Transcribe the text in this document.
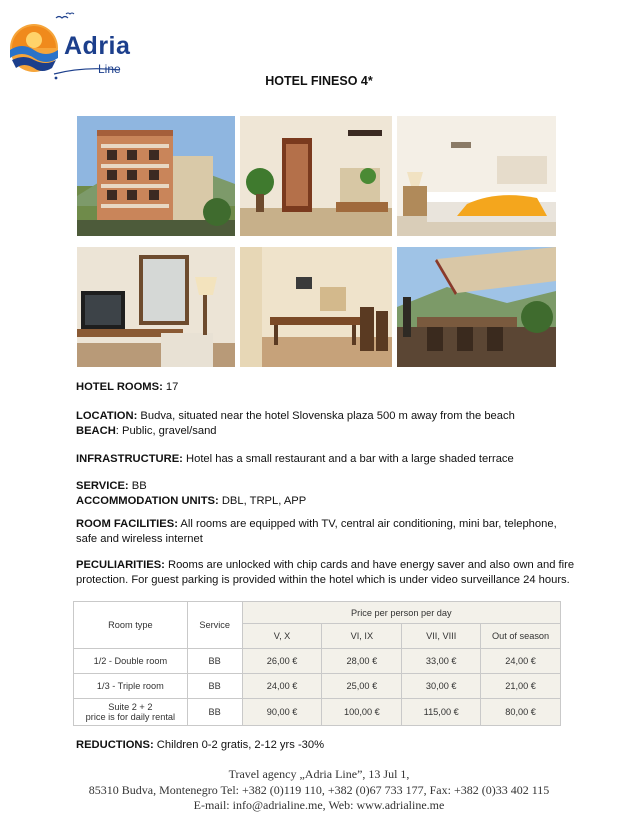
Adria
Line
HOTEL FINESO 4*
HOTEL ROOMS: 17
LOCATION: Budva, situated near the hotel Slovenska plaza 500 m away from the beach
BEACH: Public, gravel/sand
INFRASTRUCTURE: Hotel has a small restaurant and a bar with a large shaded terrace
SERVICE: BB
ACCOMMODATION UNITS: DBL, TRPL, APP
ROOM FACILITIES: All rooms are equipped with TV, central air conditioning, mini bar, telephone, safe and wireless internet
PECULIARITIES: Rooms are unlocked with chip cards and have energy saver and also own and fire protection. For guest parking is provided within the hotel which is under video surveillance 24 hours.
Room type	Service	Price per person per day			
		V, X	VI, IX	VII, VIII	Out of season
1/2 - Double room	BB	26,00 €	28,00 €	33,00 €	24,00 €
1/3 - Triple room	BB	24,00 €	25,00 €	30,00 €	21,00 €

Suite 2 + 2
price is for daily rental	BB	90,00 €	100,00 €	115,00 €	80,00 €
REDUCTIONS: Children 0-2 gratis, 2-12 yrs -30%
Travel agency „Adria Line”, 13 Jul 1,
85310 Budva, Montenegro Tel: +382 (0)119 110, +382 (0)67 733 177, Fax: +382 (0)33 402 115
E-mail: info@adrialine.me, Web: www.adrialine.me
